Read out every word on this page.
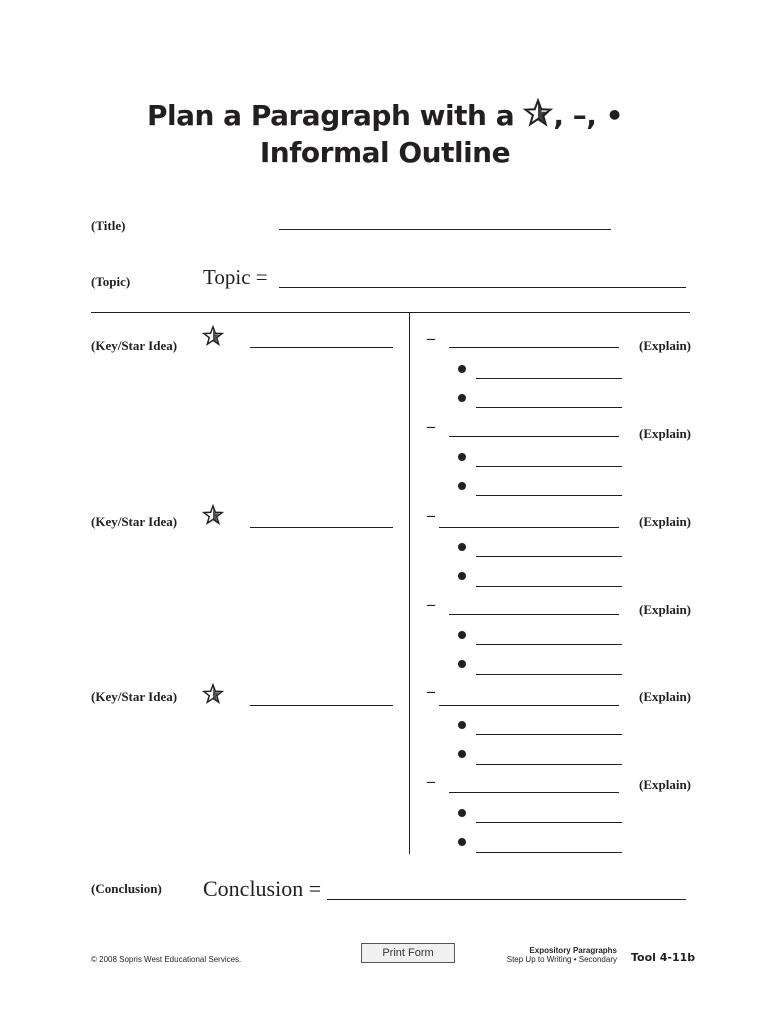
Plan a Paragraph with a , –, •
Informal Outline
(Title)
(Topic)	Topic =
(Key/Star Idea)	–	(Explain)
–	(Explain)
(Key/Star Idea)	–	(Explain)
–	(Explain)
(Key/Star Idea)	–	(Explain)
–	(Explain)
(Conclusion) Conclusion =
© 2008 Sopris West Educational Services.
Print Form	Expository Paragraphs
Step Up to Writing • Secondary Tool 4-11b
